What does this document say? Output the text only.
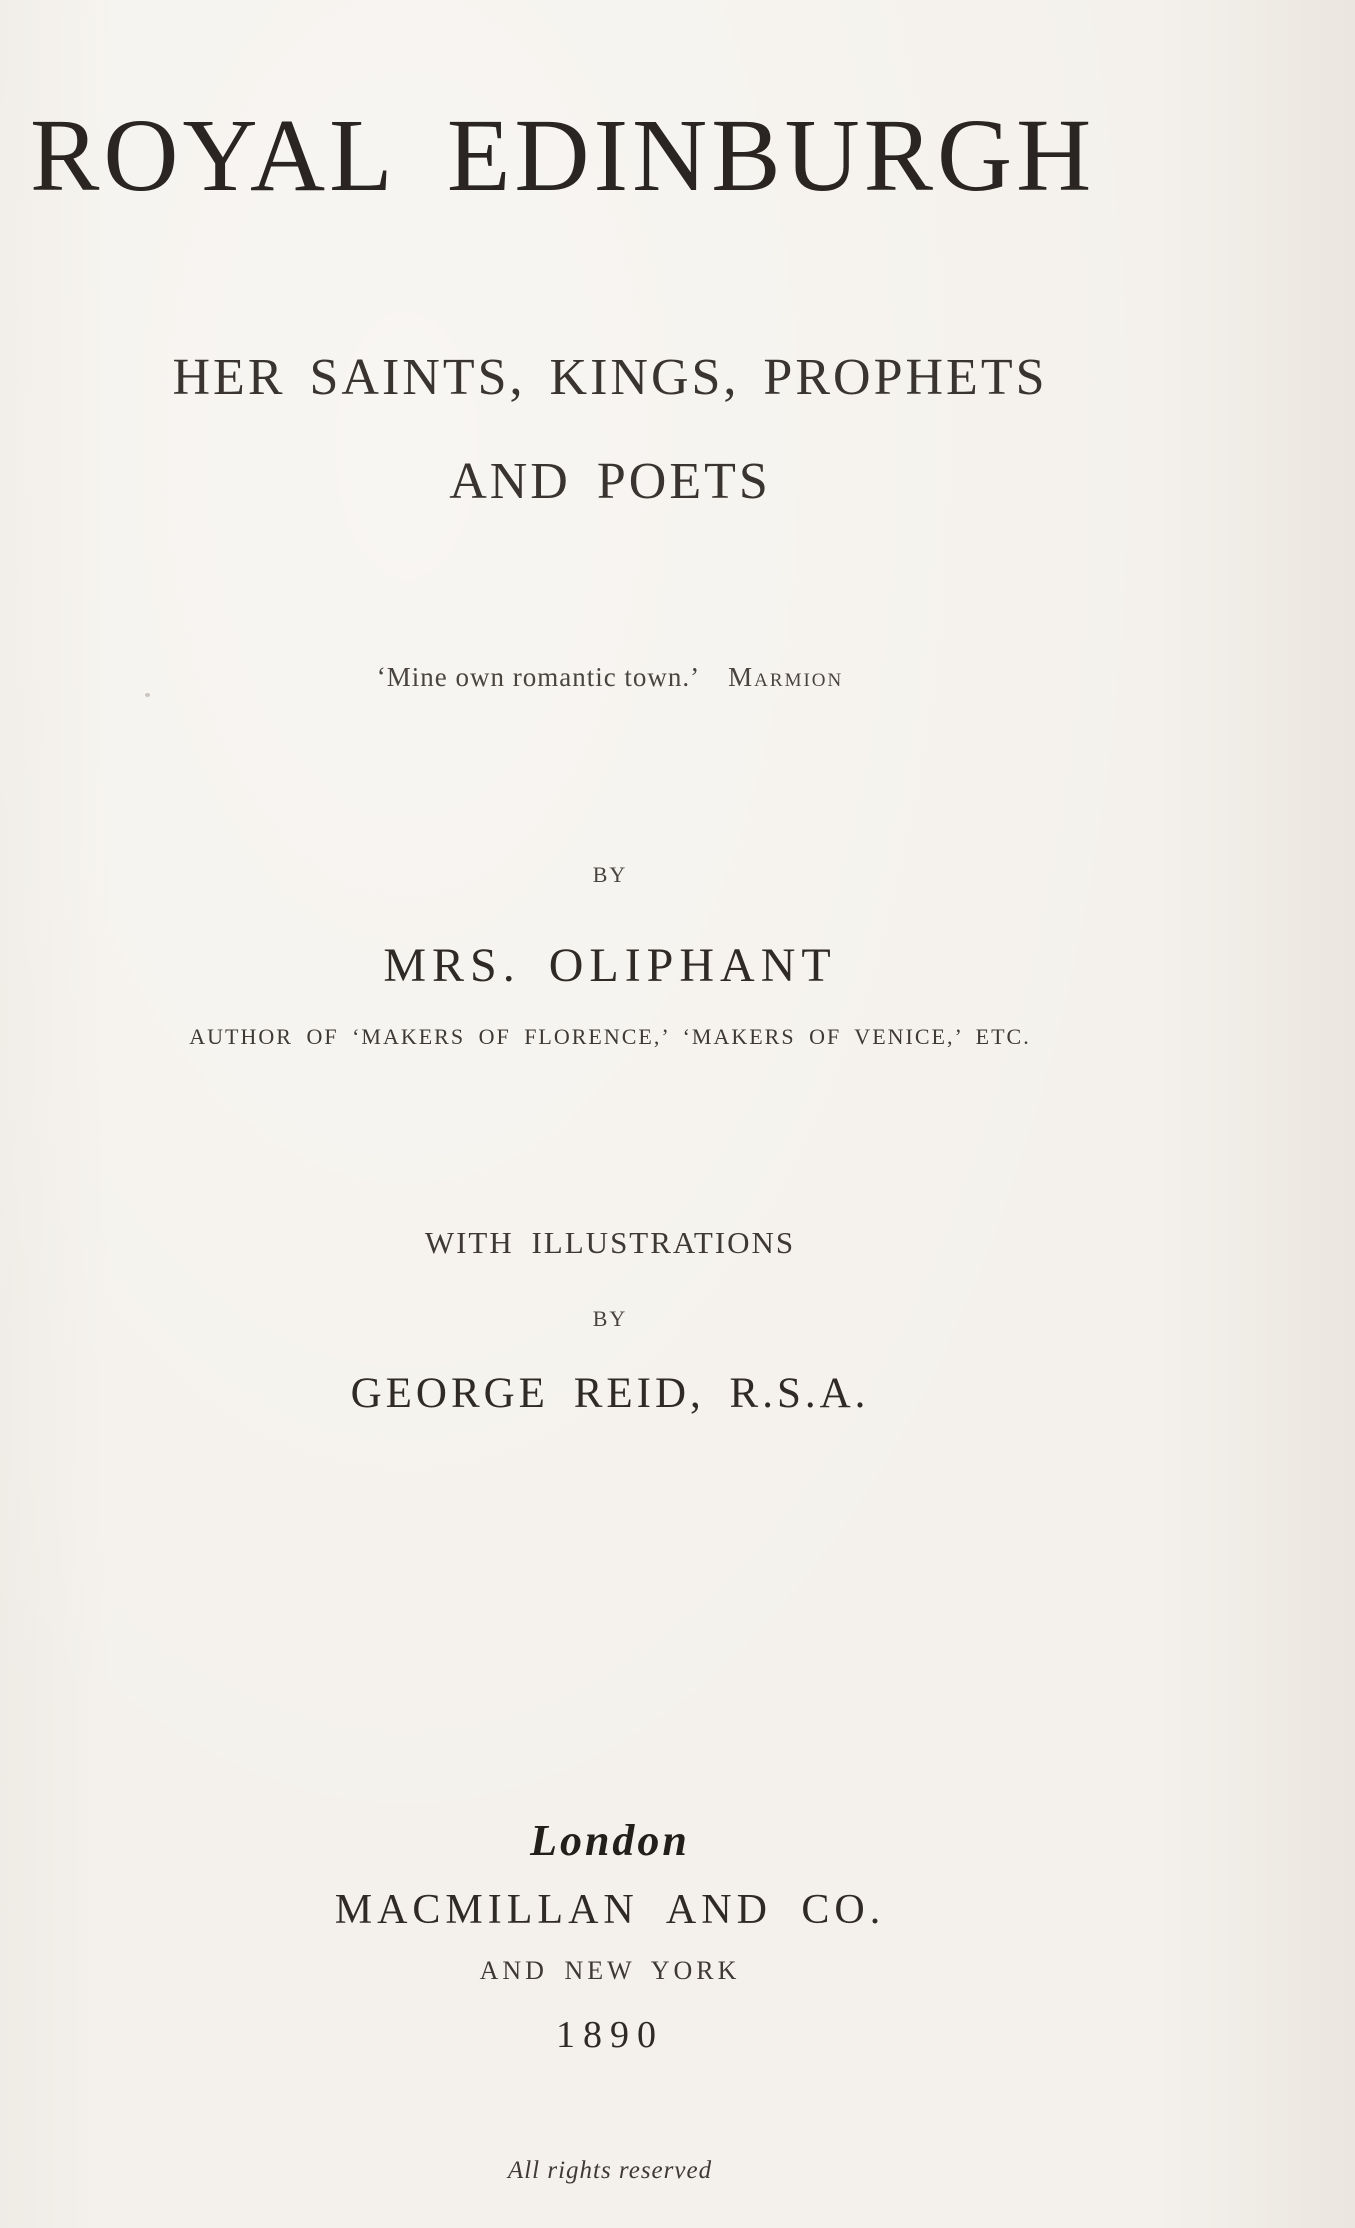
ROYAL EDINBURGH
HER SAINTS, KINGS, PROPHETS
AND POETS
‘Mine own romantic town.’ Marmion
BY
MRS. OLIPHANT
AUTHOR OF ‘MAKERS OF FLORENCE,’ ‘MAKERS OF VENICE,’ ETC.
WITH ILLUSTRATIONS
BY
GEORGE REID, R.S.A.
London
MACMILLAN AND CO.
AND NEW YORK
1890
All rights reserved
